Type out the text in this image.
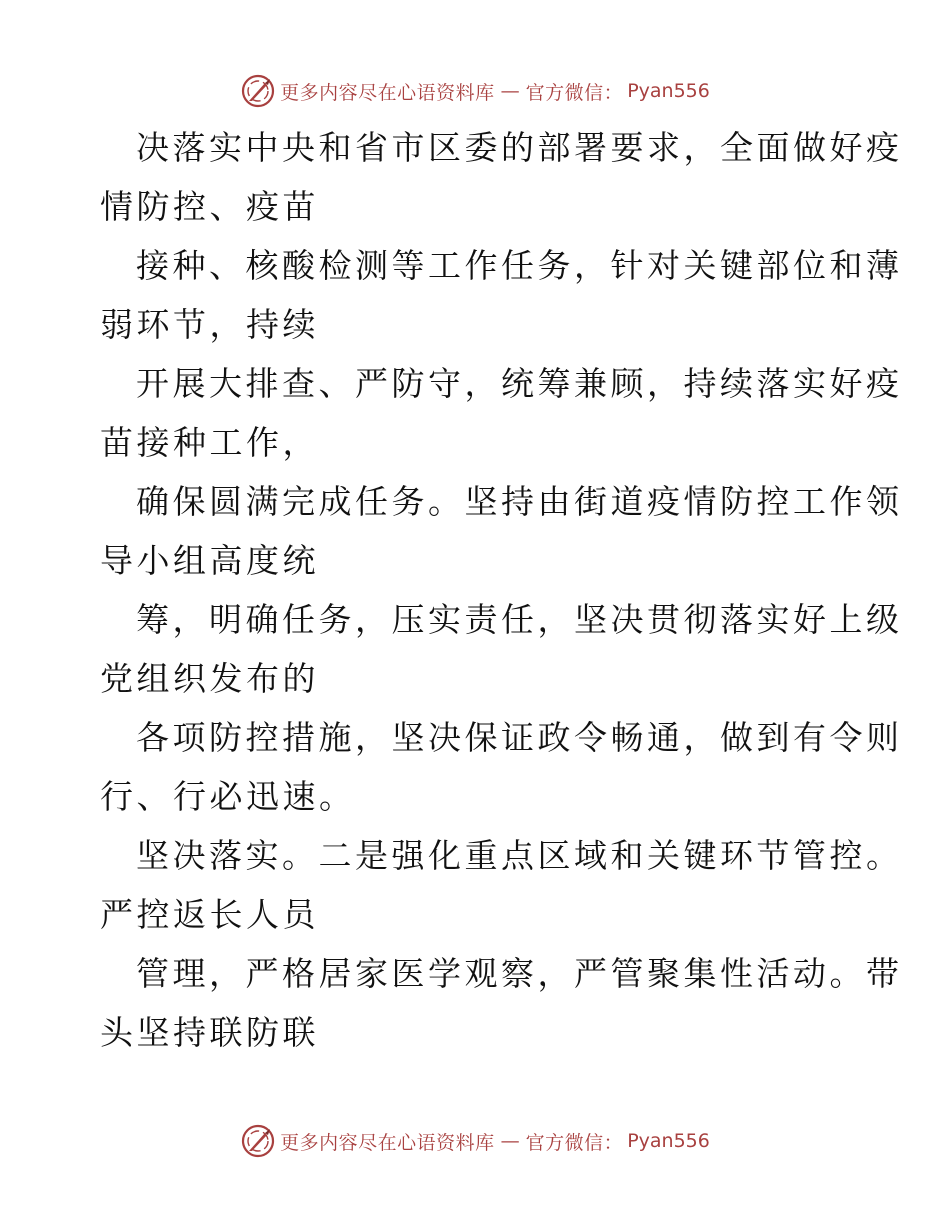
更多内容尽在心语资料库 — 官方微信： Pyan556

决落实中央和省市区委的部署要求，全面做好疫
情防控、疫苗

接种、核酸检测等工作任务，针对关键部位和薄
弱环节，持续

开展大排查、严防守，统筹兼顾，持续落实好疫
苗接种工作，

确保圆满完成任务。坚持由街道疫情防控工作领
导小组高度统

筹，明确任务，压实责任，坚决贯彻落实好上级
党组织发布的

各项防控措施，坚决保证政令畅通，做到有令则
行、行必迅速。

坚决落实。二是强化重点区域和关键环节管控。
严控返长人员

管理，严格居家医学观察，严管聚集性活动。带
头坚持联防联

更多内容尽在心语资料库 — 官方微信： Pyan556
